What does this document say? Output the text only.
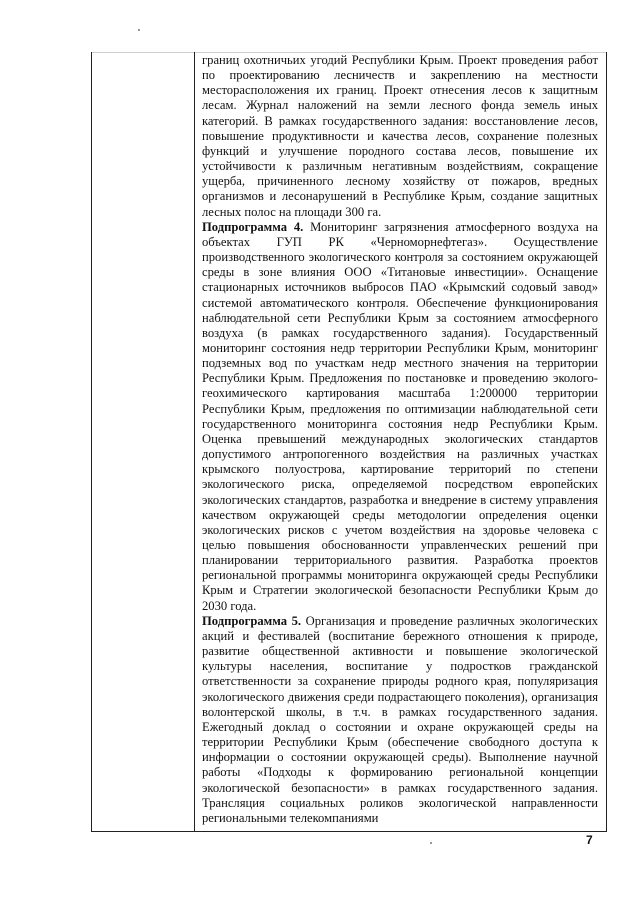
границ охотничьих угодий Республики Крым. Проект проведения работ по проектированию лесничеств и закреплению на местности месторасположения их границ. Проект отнесения лесов к защитным лесам. Журнал наложений на земли лесного фонда земель иных категорий. В рамках государственного задания: восстановление лесов, повышение продуктивности и качества лесов, сохранение полезных функций и улучшение породного состава лесов, повышение их устойчивости к различным негативным воздействиям, сокращение ущерба, причиненного лесному хозяйству от пожаров, вредных организмов и лесонарушений в Республике Крым, создание защитных лесных полос на площади 300 га.

Подпрограмма 4. Мониторинг загрязнения атмосферного воздуха на объектах ГУП РК «Черноморнефтегаз». Осуществление производственного экологического контроля за состоянием окружающей среды в зоне влияния ООО «Титановые инвестиции». Оснащение стационарных источников выбросов ПАО «Крымский содовый завод» системой автоматического контроля. Обеспечение функционирования наблюдательной сети Республики Крым за состоянием атмосферного воздуха (в рамках государственного задания). Государственный мониторинг состояния недр территории Республики Крым, мониторинг подземных вод по участкам недр местного значения на территории Республики Крым. Предложения по постановке и проведению эколого-геохимического картирования масштаба 1:200000 территории Республики Крым, предложения по оптимизации наблюдательной сети государственного мониторинга состояния недр Республики Крым. Оценка превышений международных экологических стандартов допустимого антропогенного воздействия на различных участках крымского полуострова, картирование территорий по степени экологического риска, определяемой посредством европейских экологических стандартов, разработка и внедрение в систему управления качеством окружающей среды методологии определения оценки экологических рисков с учетом воздействия на здоровье человека с целью повышения обоснованности управленческих решений при планировании территориального развития. Разработка проектов региональной программы мониторинга окружающей среды Республики Крым и Стратегии экологической безопасности Республики Крым до 2030 года.

Подпрограмма 5. Организация и проведение различных экологических акций и фестивалей (воспитание бережного отношения к природе, развитие общественной активности и повышение экологической культуры населения, воспитание у подростков гражданской ответственности за сохранение природы родного края, популяризация экологического движения среди подрастающего поколения), организация волонтерской школы, в т.ч. в рамках государственного задания. Ежегодный доклад о состоянии и охране окружающей среды на территории Республики Крым (обеспечение свободного доступа к информации о состоянии окружающей среды). Выполнение научной работы «Подходы к формированию региональной концепции экологической безопасности» в рамках государственного задания. Трансляция социальных роликов экологической направленности региональными телекомпаниями

7
